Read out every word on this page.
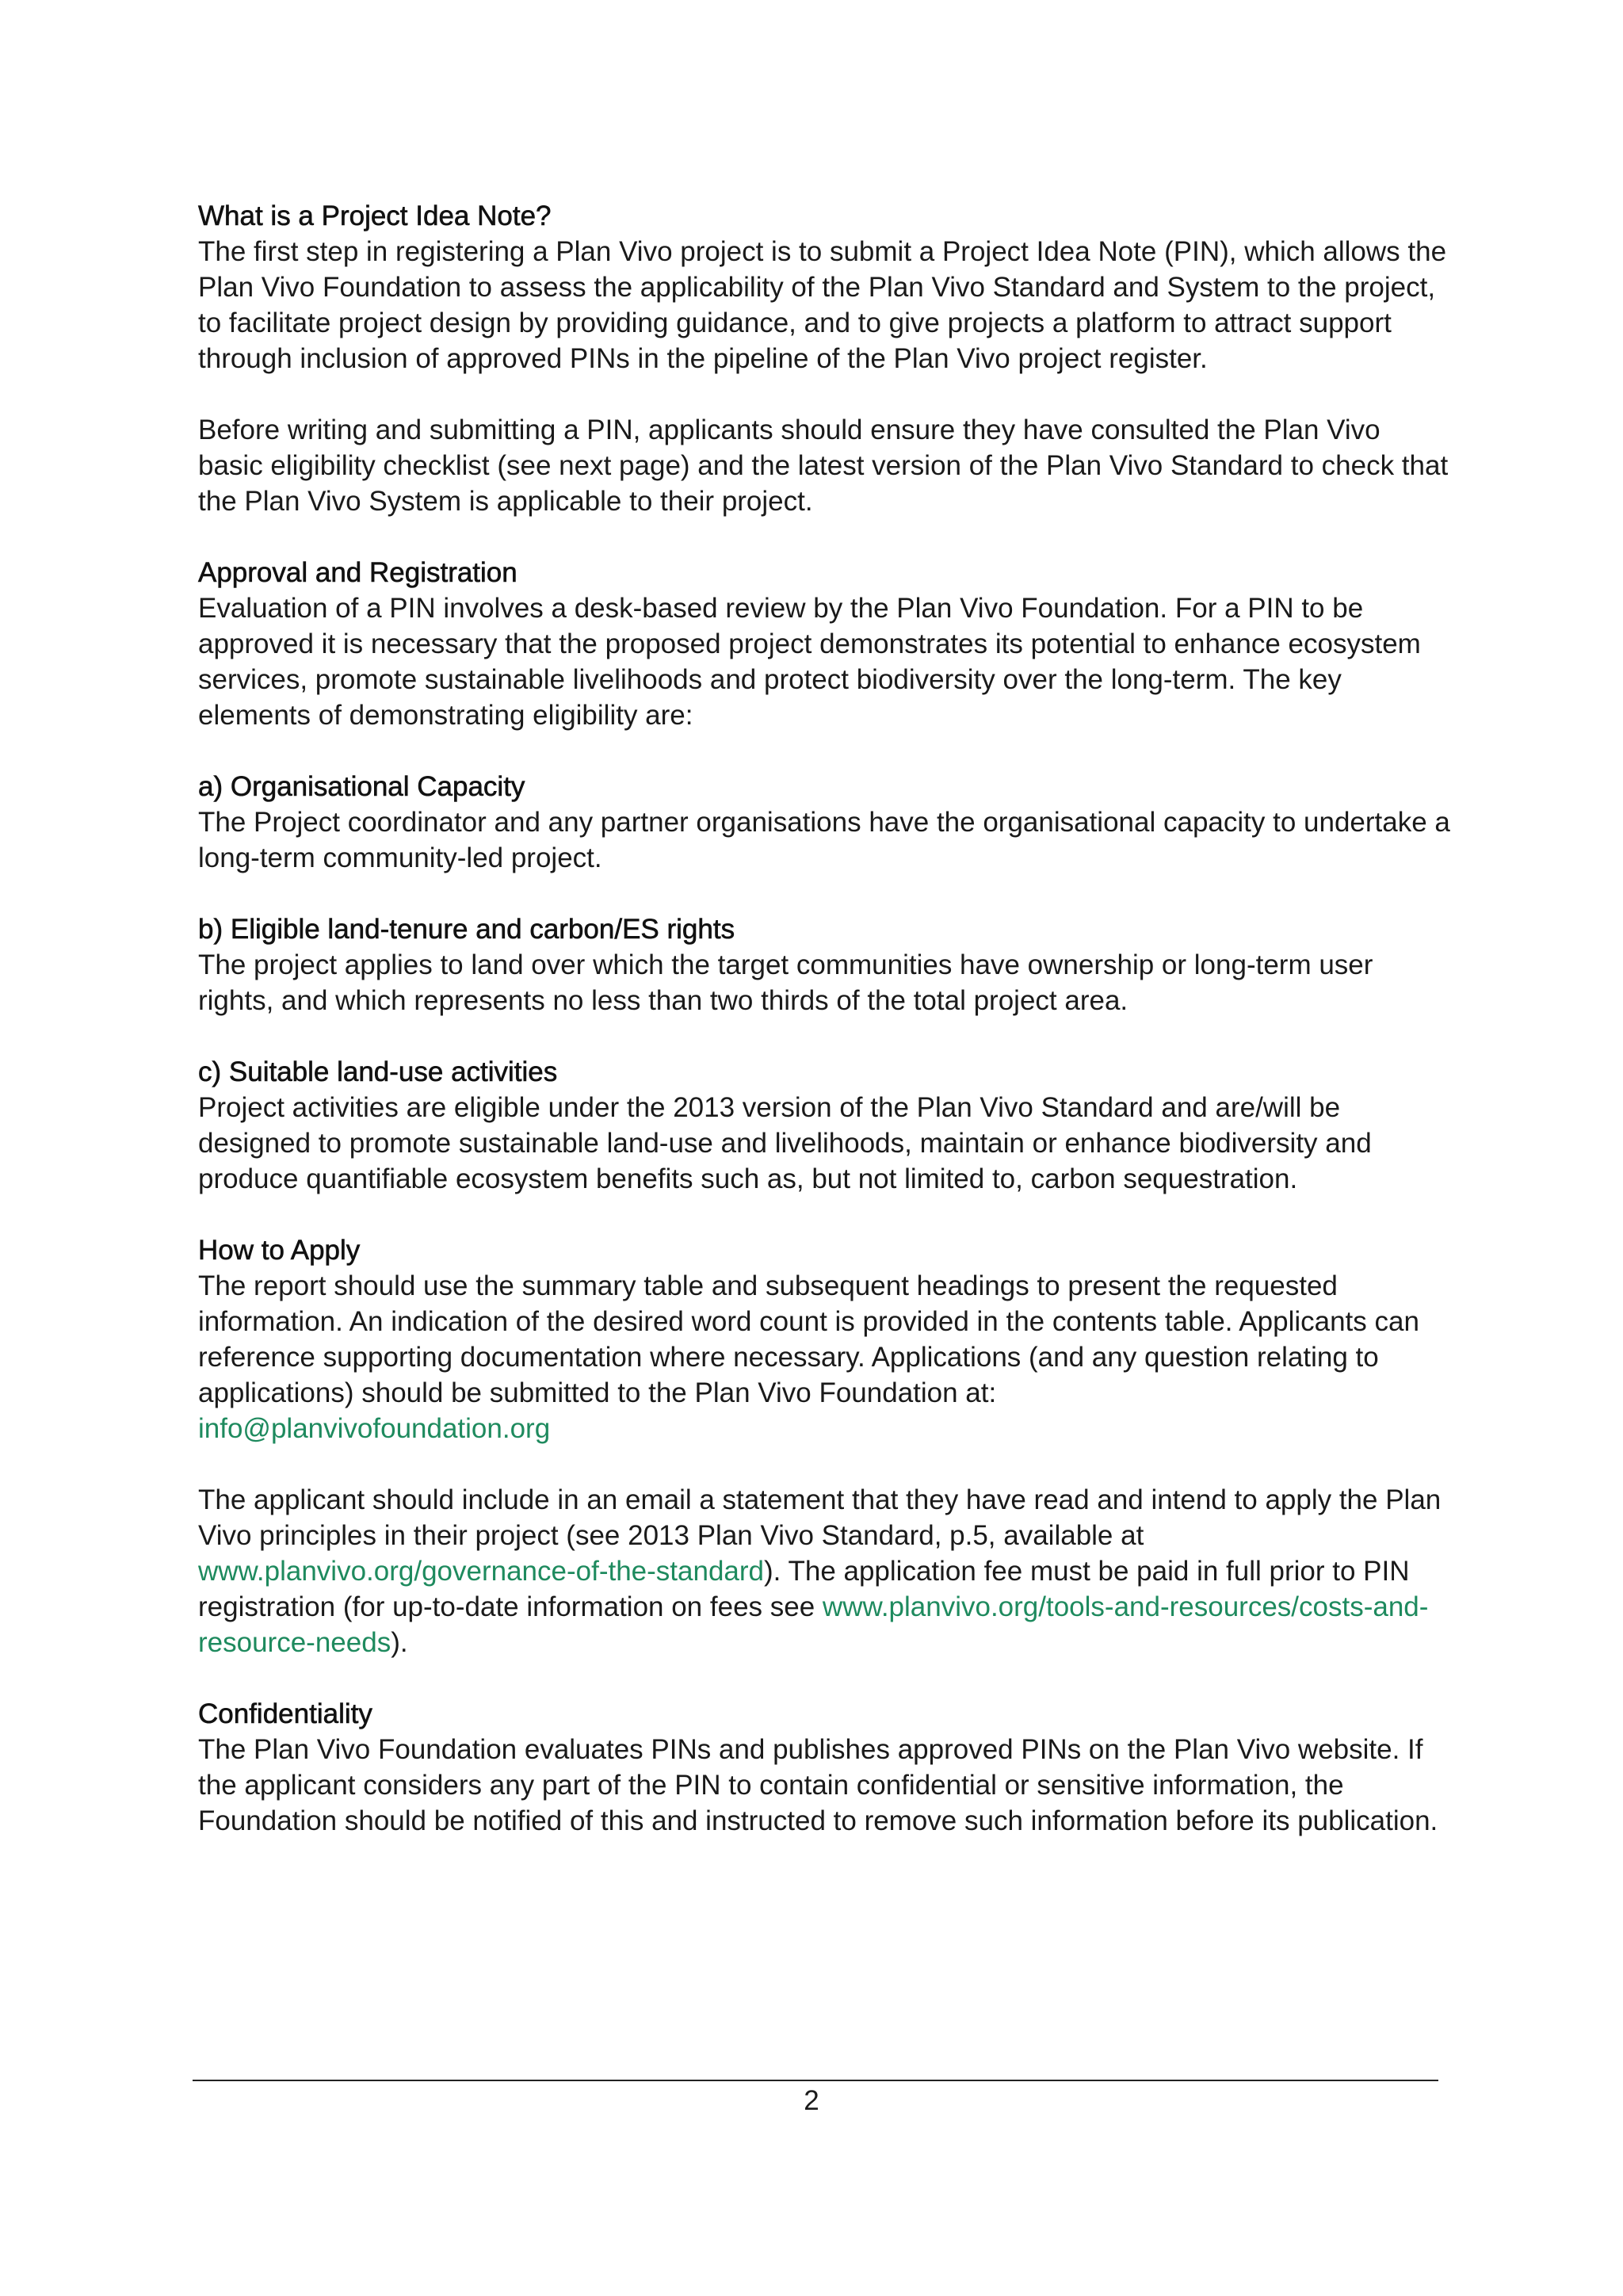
What is a Project Idea Note?

The first step in registering a Plan Vivo project is to submit a Project Idea Note (PIN), which allows the Plan Vivo Foundation to assess the applicability of the Plan Vivo Standard and System to the project, to facilitate project design by providing guidance, and to give projects a platform to attract support through inclusion of approved PINs in the pipeline of the Plan Vivo project register.

Before writing and submitting a PIN, applicants should ensure they have consulted the Plan Vivo basic eligibility checklist (see next page) and the latest version of the Plan Vivo Standard to check that the Plan Vivo System is applicable to their project.

Approval and Registration

Evaluation of a PIN involves a desk-based review by the Plan Vivo Foundation. For a PIN to be approved it is necessary that the proposed project demonstrates its potential to enhance ecosystem services, promote sustainable livelihoods and protect biodiversity over the long-term. The key elements of demonstrating eligibility are:

a) Organisational Capacity

The Project coordinator and any partner organisations have the organisational capacity to undertake a long-term community-led project.

b) Eligible land-tenure and carbon/ES rights

The project applies to land over which the target communities have ownership or long-term user rights, and which represents no less than two thirds of the total project area.

c) Suitable land-use activities

Project activities are eligible under the 2013 version of the Plan Vivo Standard and are/will be designed to promote sustainable land-use and livelihoods, maintain or enhance biodiversity and produce quantifiable ecosystem benefits such as, but not limited to, carbon sequestration.

How to Apply

The report should use the summary table and subsequent headings to present the requested information. An indication of the desired word count is provided in the contents table. Applicants can reference supporting documentation where necessary. Applications (and any question relating to applications) should be submitted to the Plan Vivo Foundation at:
info@planvivofoundation.org

The applicant should include in an email a statement that they have read and intend to apply the Plan Vivo principles in their project (see 2013 Plan Vivo Standard, p.5, available at www.planvivo.org/governance-of-the-standard). The application fee must be paid in full prior to PIN registration (for up-to-date information on fees see www.planvivo.org/tools-and-resources/costs-and-resource-needs).

Confidentiality

The Plan Vivo Foundation evaluates PINs and publishes approved PINs on the Plan Vivo website. If the applicant considers any part of the PIN to contain confidential or sensitive information, the Foundation should be notified of this and instructed to remove such information before its publication.

2
